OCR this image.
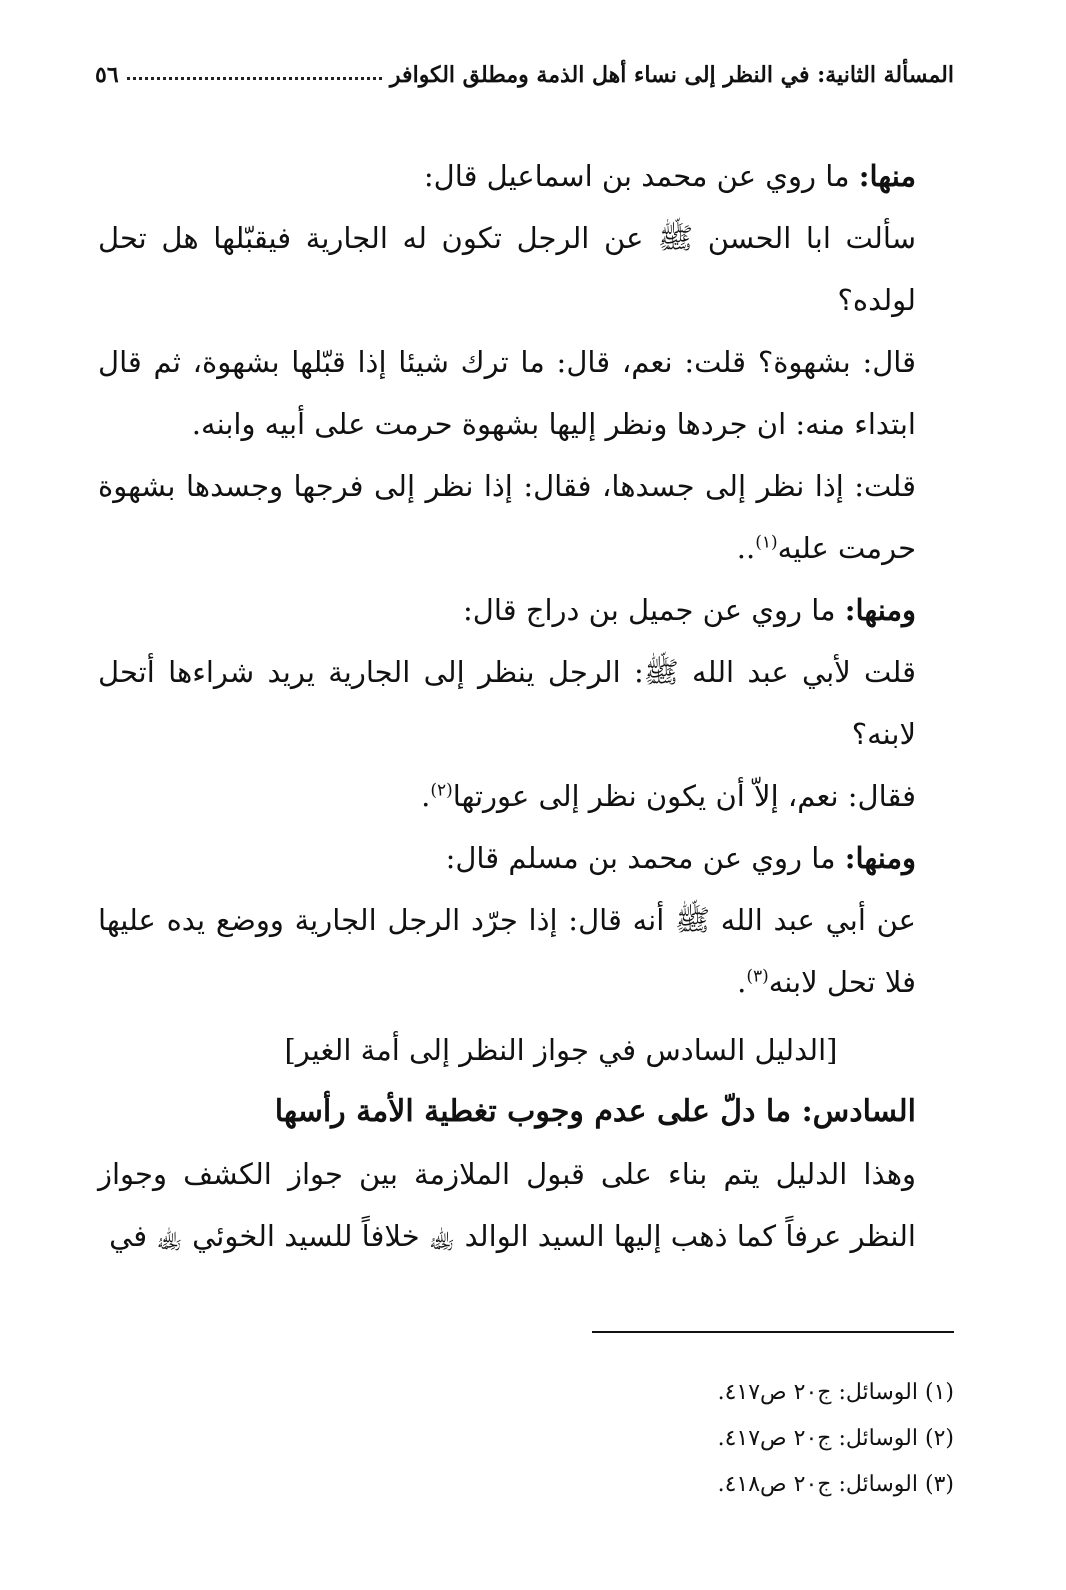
المسألة الثانية: في النظر إلى نساء أهل الذمة ومطلق الكوافر
٥٦

منها: ما روي عن محمد بن اسماعيل قال:

سألت ابا الحسن ﷺ عن الرجل تكون له الجارية فيقبّلها هل تحل لولده؟

قال: بشهوة؟ قلت: نعم، قال: ما ترك شيئا إذا قبّلها بشهوة، ثم قال ابتداء منه: ان جردها ونظر إليها بشهوة حرمت على أبيه وابنه.

قلت: إذا نظر إلى جسدها، فقال: إذا نظر إلى فرجها وجسدها بشهوة حرمت عليه$^{(١)}$..

ومنها: ما روي عن جميل بن دراج قال:

قلت لأبي عبد الله ﷺ: الرجل ينظر إلى الجارية يريد شراءها أتحل لابنه؟

فقال: نعم، إلاّ أن يكون نظر إلى عورتها$^{(٢)}$.

ومنها: ما روي عن محمد بن مسلم قال:

عن أبي عبد الله ﷺ أنه قال: إذا جرّد الرجل الجارية ووضع يده عليها فلا تحل لابنه$^{(٣)}$.

[الدليل السادس في جواز النظر إلى أمة الغير]

السادس: ما دلّ على عدم وجوب تغطية الأمة رأسها

وهذا الدليل يتم بناء على قبول الملازمة بين جواز الكشف وجواز النظر عرفاً كما ذهب إليها السيد الوالد ﵀ خلافاً للسيد الخوئي ﵀ في

(١) الوسائل: ج٢٠ ص٤١٧.
(٢) الوسائل: ج٢٠ ص٤١٧.
(٣) الوسائل: ج٢٠ ص٤١٨.
